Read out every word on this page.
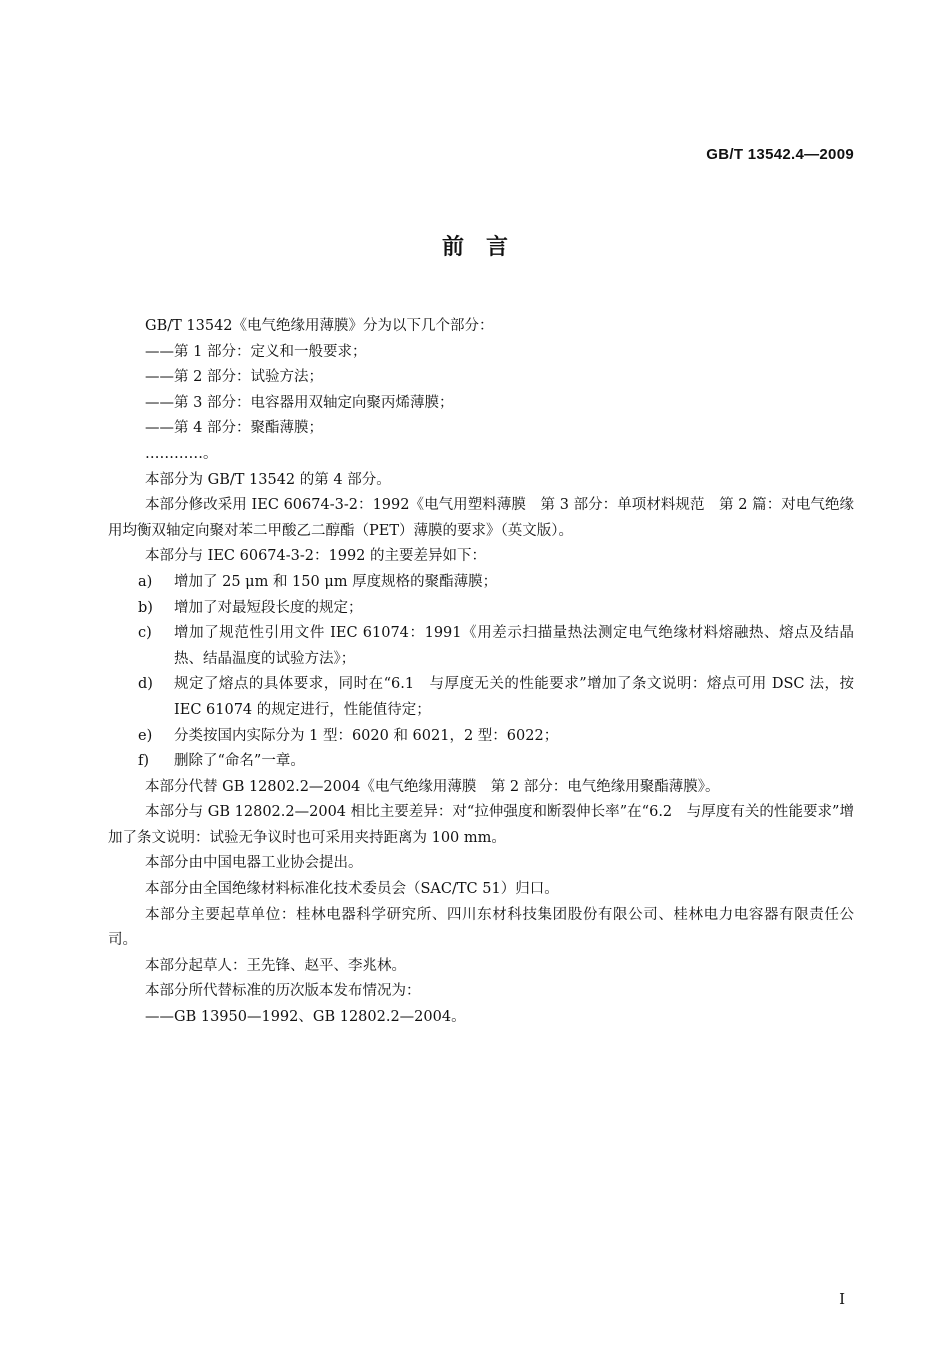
GB/T 13542.4—2009
前　言
GB/T 13542《电气绝缘用薄膜》分为以下几个部分：
——第 1 部分：定义和一般要求；
——第 2 部分：试验方法；
——第 3 部分：电容器用双轴定向聚丙烯薄膜；
——第 4 部分：聚酯薄膜；
…………。
本部分为 GB/T 13542 的第 4 部分。
本部分修改采用 IEC 60674-3-2：1992《电气用塑料薄膜　第 3 部分：单项材料规范　第 2 篇：对电气绝缘用均衡双轴定向聚对苯二甲酸乙二醇酯（PET）薄膜的要求》（英文版）。
本部分与 IEC 60674-3-2：1992 的主要差异如下：
a)	增加了 25 μm 和 150 μm 厚度规格的聚酯薄膜；
b)	增加了对最短段长度的规定；
c)	增加了规范性引用文件 IEC 61074：1991《用差示扫描量热法测定电气绝缘材料熔融热、熔点及结晶热、结晶温度的试验方法》；
d)	规定了熔点的具体要求，同时在“6.1　与厚度无关的性能要求”增加了条文说明：熔点可用 DSC 法，按 IEC 61074 的规定进行，性能值待定；
e)	分类按国内实际分为 1 型：6020 和 6021，2 型：6022；
f)	删除了“命名”一章。
本部分代替 GB 12802.2—2004《电气绝缘用薄膜　第 2 部分：电气绝缘用聚酯薄膜》。
本部分与 GB 12802.2—2004 相比主要差异：对“拉伸强度和断裂伸长率”在“6.2　与厚度有关的性能要求”增加了条文说明：试验无争议时也可采用夹持距离为 100 mm。
本部分由中国电器工业协会提出。
本部分由全国绝缘材料标准化技术委员会（SAC/TC 51）归口。
本部分主要起草单位：桂林电器科学研究所、四川东材科技集团股份有限公司、桂林电力电容器有限责任公司。
本部分起草人：王先锋、赵平、李兆林。
本部分所代替标准的历次版本发布情况为：
——GB 13950—1992、GB 12802.2—2004。
I
